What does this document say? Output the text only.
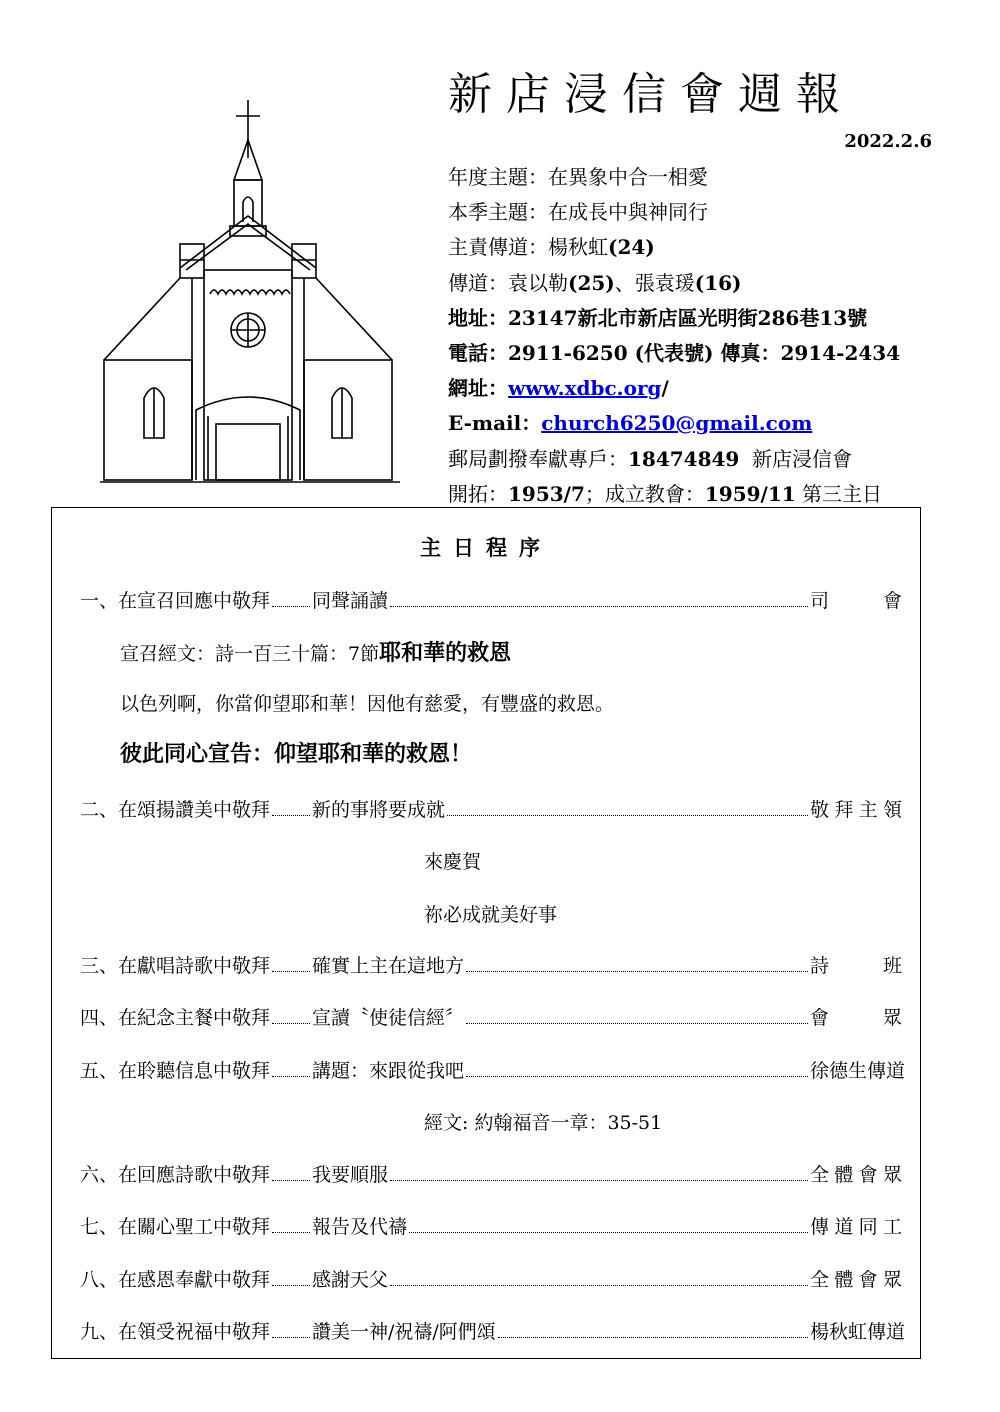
新店浸信會週報
2022.2.6
年度主題：在異象中合一相愛
本季主題：在成長中與神同行
主責傳道：楊秋虹(24)
傳道：袁以勒(25)、張袁瑗(16)
地址：23147新北市新店區光明街286巷13號
電話：2911-6250 (代表號) 傳真：2914-2434
網址：www.xdbc.org/
E-mail：church6250@gmail.com
郵局劃撥奉獻專戶：18474849 新店浸信會
開拓：1953/7；成立教會：1959/11 第三主日
主日程序
一、在宣召回應中敬拜 同聲誦讀	司會
宣召經文：詩一百三十篇：7節耶和華的救恩
以色列啊，你當仰望耶和華！因他有慈愛，有豐盛的救恩。
彼此同心宣告：仰望耶和華的救恩！
二、在頌揚讚美中敬拜 新的事將要成就	敬拜主領
來慶賀
祢必成就美好事
三、在獻唱詩歌中敬拜 確實上主在這地方	詩班
四、在紀念主餐中敬拜 宣讀〝使徒信經〞	會眾
五、在聆聽信息中敬拜 講題：來跟從我吧	徐德生傳道
經文: 約翰福音一章：35-51
六、在回應詩歌中敬拜 我要順服	全體會眾
七、在關心聖工中敬拜 報告及代禱	傳道同工
八、在感恩奉獻中敬拜 感謝天父	全體會眾
九、在領受祝福中敬拜 讚美一神/祝禱/阿們頌	楊秋虹傳道
